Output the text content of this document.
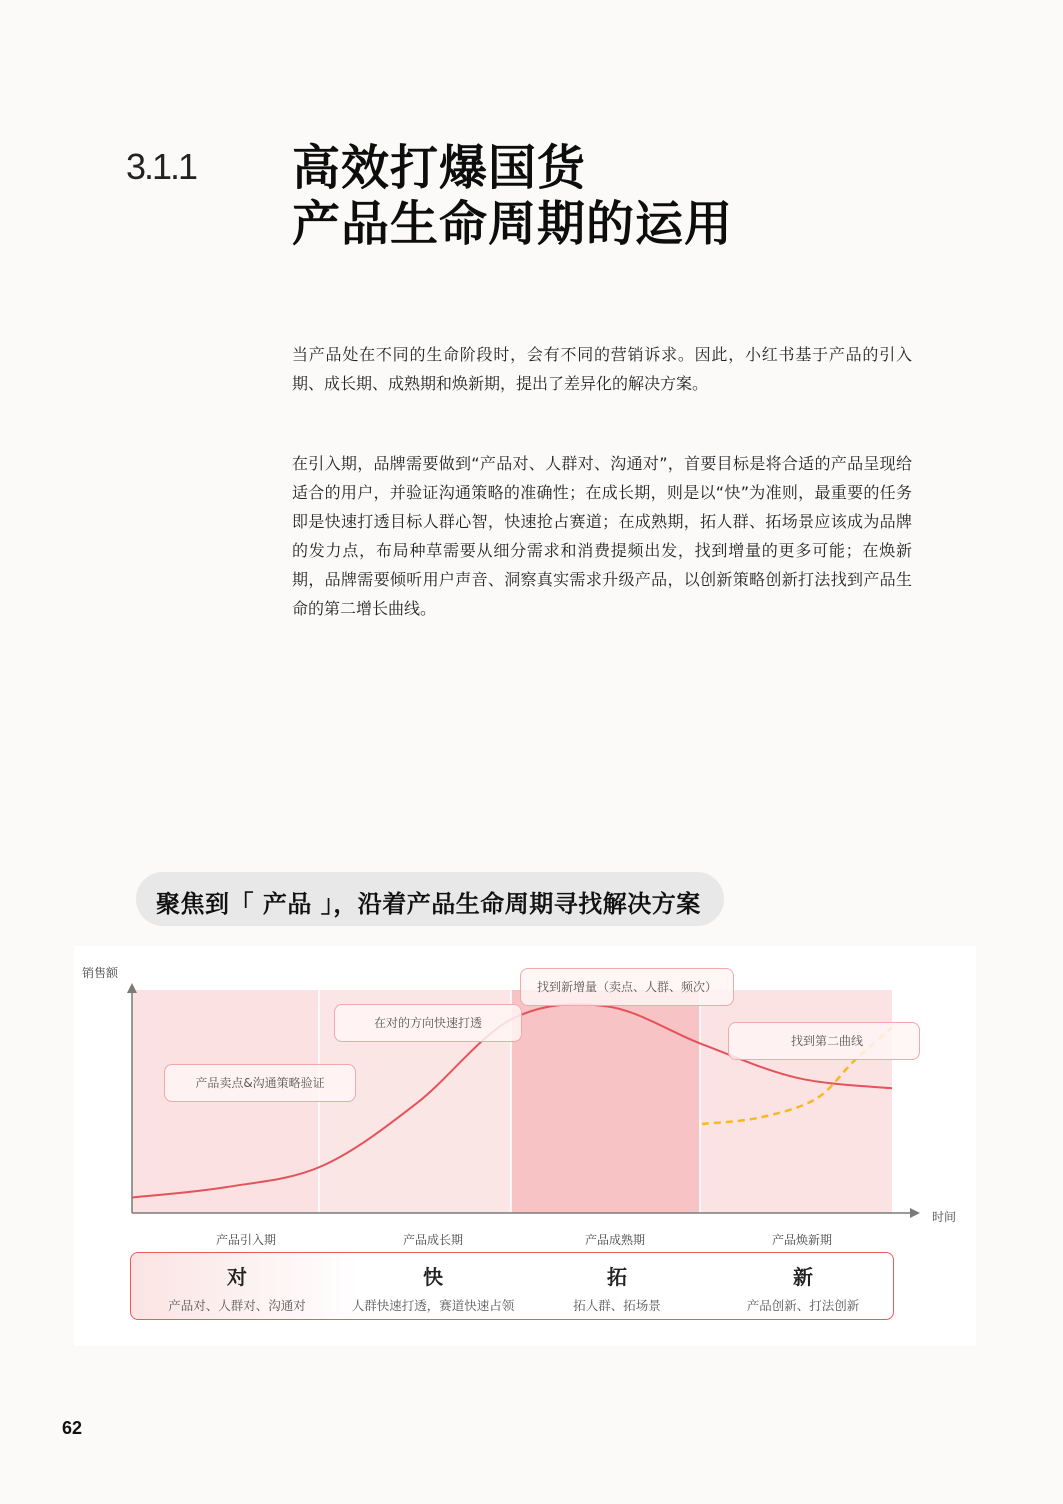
3.1.1 高效打爆国货
产品生命周期的运用
当产品处在不同的生命阶段时，会有不同的营销诉求。因此，小红书基于产品的引入期、成长期、成熟期和焕新期，提出了差异化的解决方案。
在引入期，品牌需要做到“产品对、人群对、沟通对”，首要目标是将合适的产品呈现给适合的用户，并验证沟通策略的准确性；在成长期，则是以“快”为准则，最重要的任务即是快速打透目标人群心智，快速抢占赛道；在成熟期，拓人群、拓场景应该成为品牌的发力点，布局种草需要从细分需求和消费提频出发，找到增量的更多可能；在焕新期，品牌需要倾听用户声音、洞察真实需求升级产品，以创新策略创新打法找到产品生命的第二增长曲线。
聚焦到「 产品 」，沿着产品生命周期寻找解决方案
销售额
时间
产品引入期	产品成长期	产品成熟期	产品焕新期
产品卖点&沟通策略验证
在对的方向快速打透
找到新增量（卖点、人群、频次）
找到第二曲线
对
产品对、人群对、沟通对
快
人群快速打透，赛道快速占领
拓
拓人群、拓场景
新
产品创新、打法创新
62
